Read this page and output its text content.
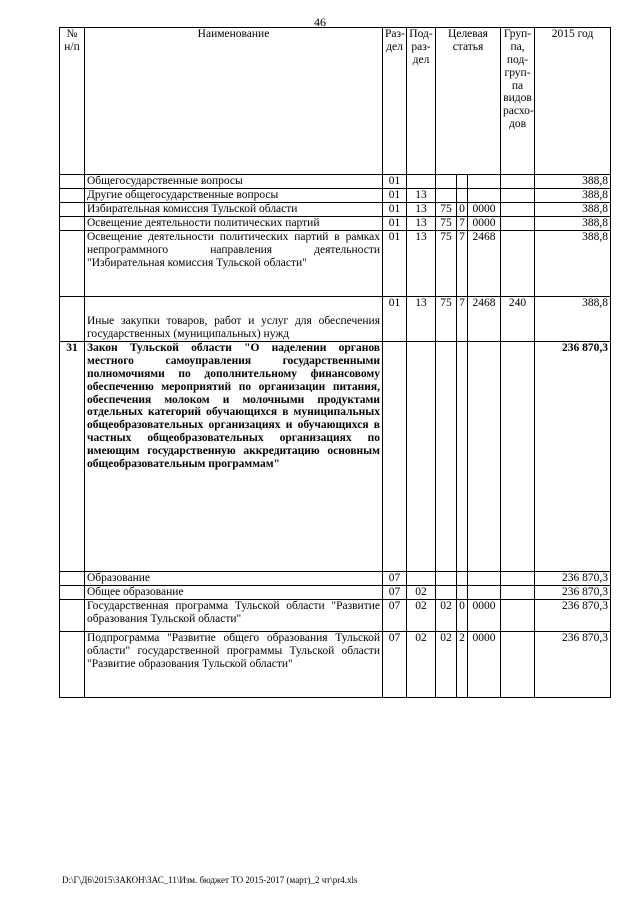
46
№ н/п	Наименование	Раз-дел	Под-раз-дел	Целевая статья			Груп-па, под-груп-па видов расхо-дов	2015 год
	Общегосударственные вопросы	01						388,8
	Другие общегосударственные вопросы	01	13					388,8
	Избирательная комиссия Тульской области	01	13	75	0	0000		388,8
	Освещение деятельности политических партий	01	13	75	7	0000		388,8
	Освещение деятельности политических партий в рамках непрограммного направления деятельности "Избирательная комиссия Тульской области"	01	13	75	7	2468		388,8
	Иные закупки товаров, работ и услуг для обеспечения государственных (муниципальных) нужд	01	13	75	7	2468	240	388,8
31	Закон Тульской области "О наделении органов местного самоуправления государственными полномочиями по дополнительному финансовому обеспечению мероприятий по организации питания, обеспечения молоком и молочными продуктами отдельных категорий обучающихся в муниципальных общеобразовательных организациях и обучающихся в частных общеобразовательных организациях по имеющим государственную аккредитацию основным общеобразовательным программам"							236 870,3
	Образование	07						236 870,3
	Общее образование	07	02					236 870,3
	Государственная программа Тульской области "Развитие образования Тульской области"	07	02	02	0	0000		236 870,3
	Подпрограмма "Развитие общего образования Тульской области" государственной программы Тульской области "Развитие образования Тульской области"	07	02	02	2	0000		236 870,3
D:\Г\Д6\2015\ЗАКОН\ЗАС_11\Изм. бюджет ТО 2015-2017 (март)_2 чт\pr4.xls
